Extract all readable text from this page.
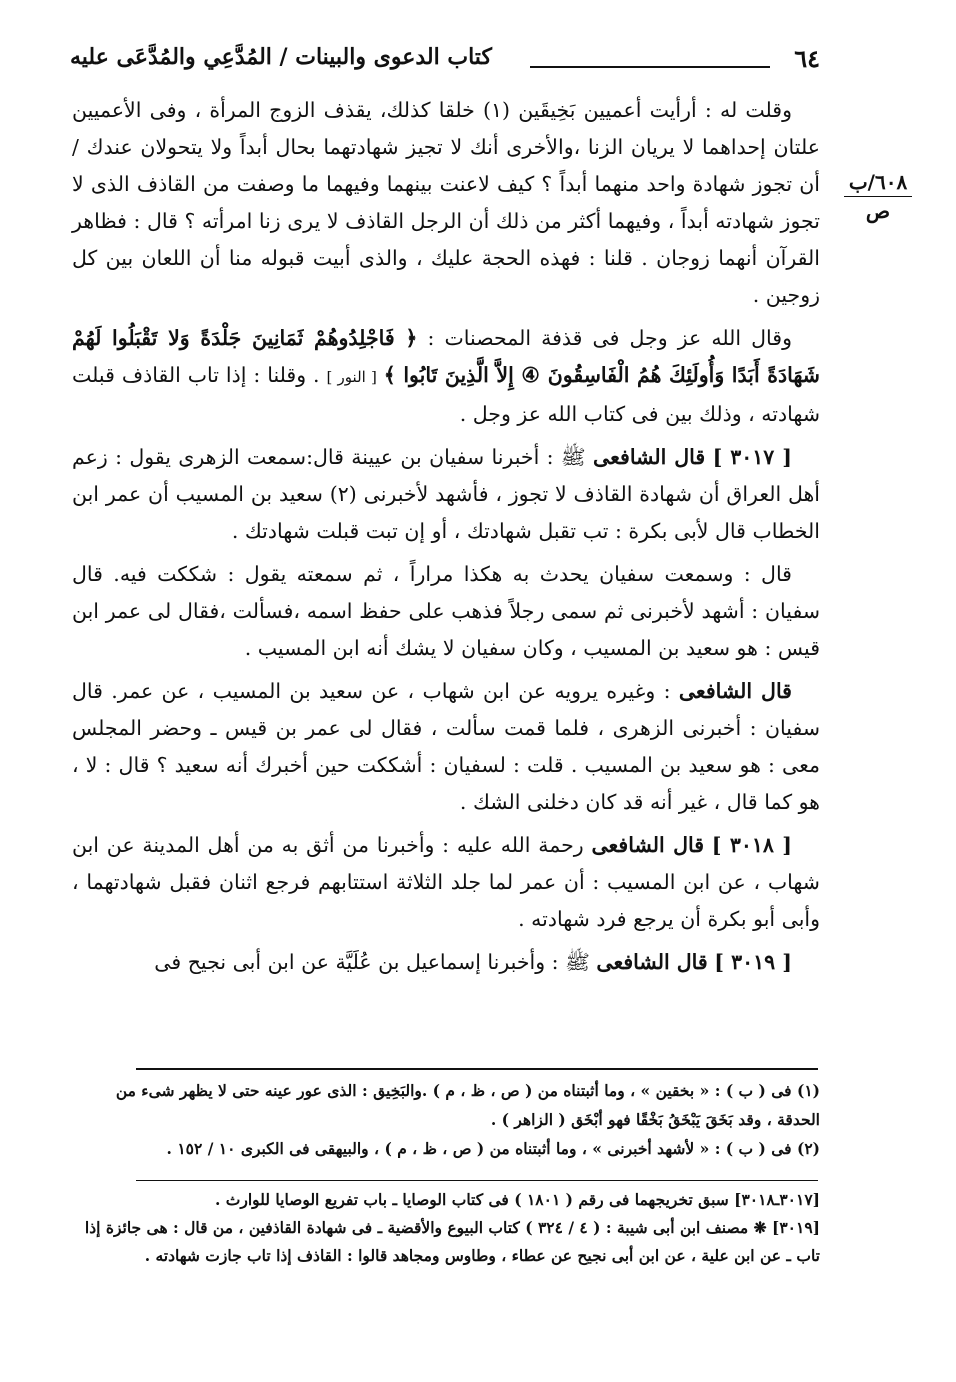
٦٤
كتاب الدعوى والبينات / المُدَّعِي والمُدَّعَى عليه
٦٠٨/ب
ص

وقلت له : أرأيت أعميين بَخِيقَين (١) خلقا كذلك، يقذف الزوج المرأة ، وفى الأعميين علتان إحداهما لا يريان الزنا ،والأخرى أنك لا تجيز شهادتهما بحال أبداً ولا يتحولان عندك / أن تجوز شهادة واحد منهما أبداً ؟ كيف لاعنت بينهما وفيهما ما وصفت من القاذف الذى لا تجوز شهادته أبداً ، وفيهما أكثر من ذلك أن الرجل القاذف لا يرى زنا امرأته ؟ قال : فظاهر القرآن أنهما زوجان . قلنا : فهذه الحجة عليك ، والذى أبيت قبوله منا أن اللعان بين كل زوجين .

وقال الله عز وجل فى قذفة المحصنات : ﴿ فَاجْلِدُوهُمْ ثَمَانِينَ جَلْدَةً وَلا تَقْبَلُوا لَهُمْ شَهَادَةً أَبَدًا وَأُولَئِكَ هُمُ الْفَاسِقُونَ ④ إِلاَّ الَّذِينَ تَابُوا ﴾ [ النور ] . وقلنا : إذا تاب القاذف قبلت شهادته ، وذلك بين فى كتاب الله عز وجل .

[ ٣٠١٧ ] قال الشافعى ﷺ : أخبرنا سفيان بن عيينة قال:سمعت الزهرى يقول : زعم أهل العراق أن شهادة القاذف لا تجوز ، فأشهد لأخبرنى (٢) سعيد بن المسيب أن عمر ابن الخطاب قال لأبى بكرة : تب تقبل شهادتك ، أو إن تبت قبلت شهادتك .

قال : وسمعت سفيان يحدث به هكذا مراراً ، ثم سمعته يقول : شككت فيه. قال سفيان : أشهد لأخبرنى ثم سمى رجلاً فذهب على حفظ اسمه ،فسألت ،فقال لى عمر ابن قيس : هو سعيد بن المسيب ، وكان سفيان لا يشك أنه ابن المسيب .

قال الشافعى : وغيره يرويه عن ابن شهاب ، عن سعيد بن المسيب ، عن عمر. قال سفيان : أخبرنى الزهرى ، فلما قمت سألت ، فقال لى عمر بن قيس ـ وحضر المجلس معى : هو سعيد بن المسيب . قلت : لسفيان : أشككت حين أخبرك أنه سعيد ؟ قال : لا ، هو كما قال ، غير أنه قد كان دخلنى الشك .

[ ٣٠١٨ ] قال الشافعى رحمة الله عليه : وأخبرنا من أثق به من أهل المدينة عن ابن شهاب ، عن ابن المسيب : أن عمر لما جلد الثلاثة استتابهم فرجع اثنان فقبل شهادتهما ، وأبى أبو بكرة أن يرجع فرد شهادته .

[ ٣٠١٩ ] قال الشافعى ﷺ : وأخبرنا إسماعيل بن عُلَيَّة عن ابن أبى نجيح فى

(١) فى ( ب ) : « بخقين » ، وما أثبتناه من ( ص ، ظ ، م ) .والبَخِيق : الذى عور عينه حتى لا يظهر شىء من الحدقة ، وقد بَخَقَ يَبْخَقُ بَخْقًا فهو أبْخَق ( الزاهر ) .

(٢) فى ( ب ) : « لأشهد أخبرنى » ، وما أثبتناه من ( ص ، ظ ، م ) ، والبيهقى فى الكبرى ١٠ / ١٥٢ .

[٣٠١٧ـ٣٠١٨] سبق تخريجهما فى رقم ( ١٨٠١ ) فى كتاب الوصايا ـ باب تفريع الوصايا للوارث .

[٣٠١٩] ❋ مصنف ابن أبى شيبة : ( ٤ / ٣٢٤ ) كتاب البيوع والأقضية ـ فى شهادة القاذفين ، من قال : هى جائزة إذا تاب ـ عن ابن علية ، عن ابن أبى نجيح عن عطاء ، وطاوس ومجاهد قالوا : القاذف إذا تاب جازت شهادته .
